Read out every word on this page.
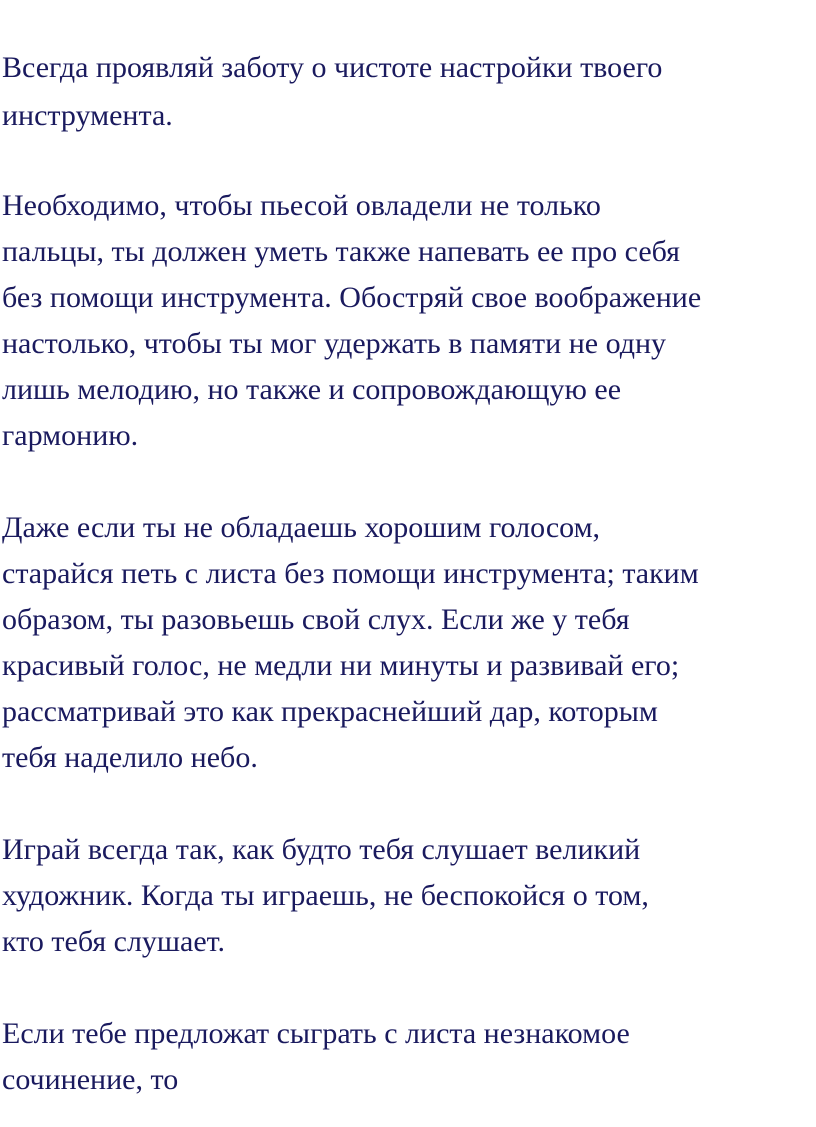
Всегда проявляй заботу о чистоте настройки твоего

инструмента.

Необходимо, чтобы пьесой овладели не только

пальцы, ты должен уметь также напевать ее про себя

без помощи инструмента. Обостряй свое воображение

настолько, чтобы ты мог удержать в памяти не одну

лишь мелодию, но также и сопровождающую ее

гармонию.

Даже если ты не обладаешь хорошим голосом,

старайся петь с листа без помощи инструмента; таким

образом, ты разовьешь свой слух. Если же у тебя

красивый голос, не медли ни минуты и развивай его;

рассматривай это как прекраснейший дар, которым

тебя наделило небо.

Играй всегда так, как будто тебя слушает великий

художник. Когда ты играешь, не беспокойся о том,

кто тебя слушает.

Если тебе предложат сыграть с листа незнакомое

сочинение, то
